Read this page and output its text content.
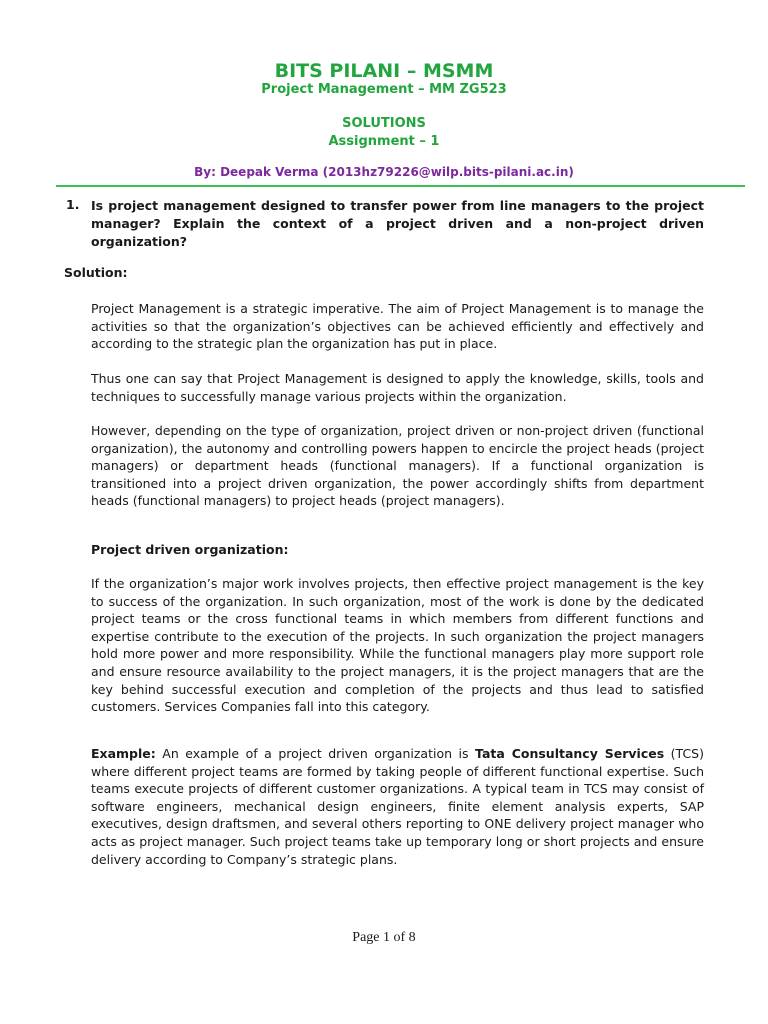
BITS PILANI – MSMM
Project Management – MM ZG523
SOLUTIONS
Assignment – 1
By: Deepak Verma (2013hz79226@wilp.bits-pilani.ac.in)
1. Is project management designed to transfer power from line managers to the project manager? Explain the context of a project driven and a non-project driven organization?

Solution:

Project Management is a strategic imperative. The aim of Project Management is to manage the activities so that the organization’s objectives can be achieved efficiently and effectively and according to the strategic plan the organization has put in place.

Thus one can say that Project Management is designed to apply the knowledge, skills, tools and techniques to successfully manage various projects within the organization.

However, depending on the type of organization, project driven or non-project driven (functional organization), the autonomy and controlling powers happen to encircle the project heads (project managers) or department heads (functional managers). If a functional organization is transitioned into a project driven organization, the power accordingly shifts from department heads (functional managers) to project heads (project managers).

Project driven organization:

If the organization’s major work involves projects, then effective project management is the key to success of the organization. In such organization, most of the work is done by the dedicated project teams or the cross functional teams in which members from different functions and expertise contribute to the execution of the projects. In such organization the project managers hold more power and more responsibility. While the functional managers play more support role and ensure resource availability to the project managers, it is the project managers that are the key behind successful execution and completion of the projects and thus lead to satisfied customers. Services Companies fall into this category.

Example: An example of a project driven organization is Tata Consultancy Services (TCS) where different project teams are formed by taking people of different functional expertise. Such teams execute projects of different customer organizations. A typical team in TCS may consist of software engineers, mechanical design engineers, finite element analysis experts, SAP executives, design draftsmen, and several others reporting to ONE delivery project manager who acts as project manager. Such project teams take up temporary long or short projects and ensure delivery according to Company’s strategic plans.

Page 1 of 8
